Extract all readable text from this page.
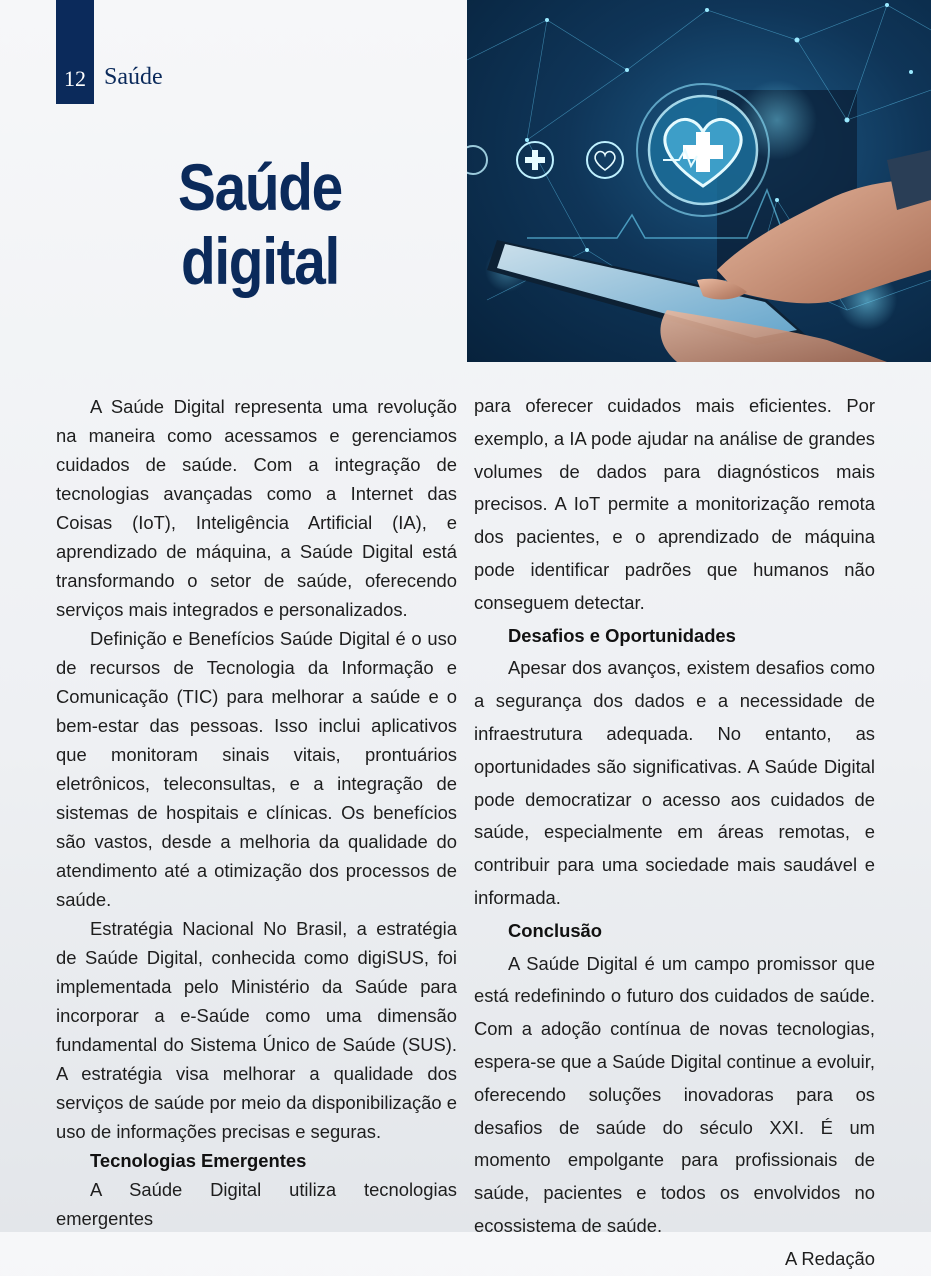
12 Saúde
Saúde
digital

A Saúde Digital representa uma revolução na maneira como acessamos e gerenciamos cuidados de saúde. Com a integração de tecnologias avançadas como a Internet das Coisas (IoT), Inteligência Artificial (IA), e aprendizado de máquina, a Saúde Digital está transformando o setor de saúde, oferecendo serviços mais integrados e personalizados.

Definição e Benefícios Saúde Digital é o uso de recursos de Tecnologia da Informação e Comunicação (TIC) para melhorar a saúde e o bem-estar das pessoas. Isso inclui aplicativos que monitoram sinais vitais, prontuários eletrônicos, teleconsultas, e a integração de sistemas de hospitais e clínicas. Os benefícios são vastos, desde a melhoria da qualidade do atendimento até a otimização dos processos de saúde.

Estratégia Nacional No Brasil, a estratégia de Saúde Digital, conhecida como digiSUS, foi implementada pelo Ministério da Saúde para incorporar a e-Saúde como uma dimensão fundamental do Sistema Único de Saúde (SUS). A estratégia visa melhorar a qualidade dos serviços de saúde por meio da disponibilização e uso de informações precisas e seguras.

Tecnologias Emergentes

A Saúde Digital utiliza tecnologias emergentes

para oferecer cuidados mais eficientes. Por exemplo, a IA pode ajudar na análise de grandes volumes de dados para diagnósticos mais precisos. A IoT permite a monitorização remota dos pacientes, e o aprendizado de máquina pode identificar padrões que humanos não conseguem detectar.

Desafios e Oportunidades

Apesar dos avanços, existem desafios como a segurança dos dados e a necessidade de infraestrutura adequada. No entanto, as oportunidades são significativas. A Saúde Digital pode democratizar o acesso aos cuidados de saúde, especialmente em áreas remotas, e contribuir para uma sociedade mais saudável e informada.

Conclusão

A Saúde Digital é um campo promissor que está redefinindo o futuro dos cuidados de saúde. Com a adoção contínua de novas tecnologias, espera-se que a Saúde Digital continue a evoluir, oferecendo soluções inovadoras para os desafios de saúde do século XXI. É um momento empolgante para profissionais de saúde, pacientes e todos os envolvidos no ecossistema de saúde.

A Redação
